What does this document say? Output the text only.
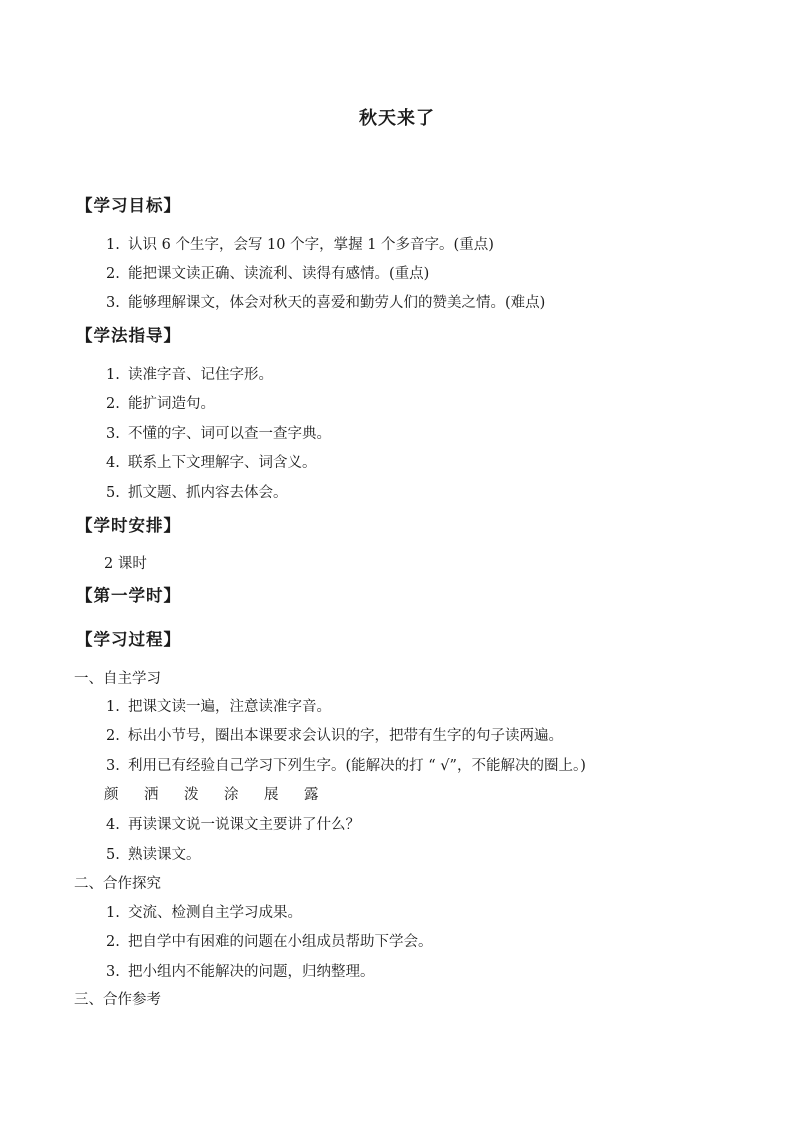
秋天来了
【学习目标】
1. 认识 6 个生字，会写 10 个字，掌握 1 个多音字。(重点)
2. 能把课文读正确、读流利、读得有感情。(重点)
3. 能够理解课文，体会对秋天的喜爱和勤劳人们的赞美之情。(难点)
【学法指导】
1. 读准字音、记住字形。
2. 能扩词造句。
3. 不懂的字、词可以查一查字典。
4. 联系上下文理解字、词含义。
5. 抓文题、抓内容去体会。
【学时安排】
2 课时
【第一学时】
【学习过程】
一、自主学习
1. 把课文读一遍，注意读准字音。
2. 标出小节号，圈出本课要求会认识的字，把带有生字的句子读两遍。
3. 利用已有经验自己学习下列生字。(能解决的打 “ √”，不能解决的圈上。)
颜	洒	泼	涂	展	露
4. 再读课文说一说课文主要讲了什么？
5. 熟读课文。
二、合作探究
1. 交流、检测自主学习成果。
2. 把自学中有困难的问题在小组成员帮助下学会。
3. 把小组内不能解决的问题，归纳整理。
三、合作参考
